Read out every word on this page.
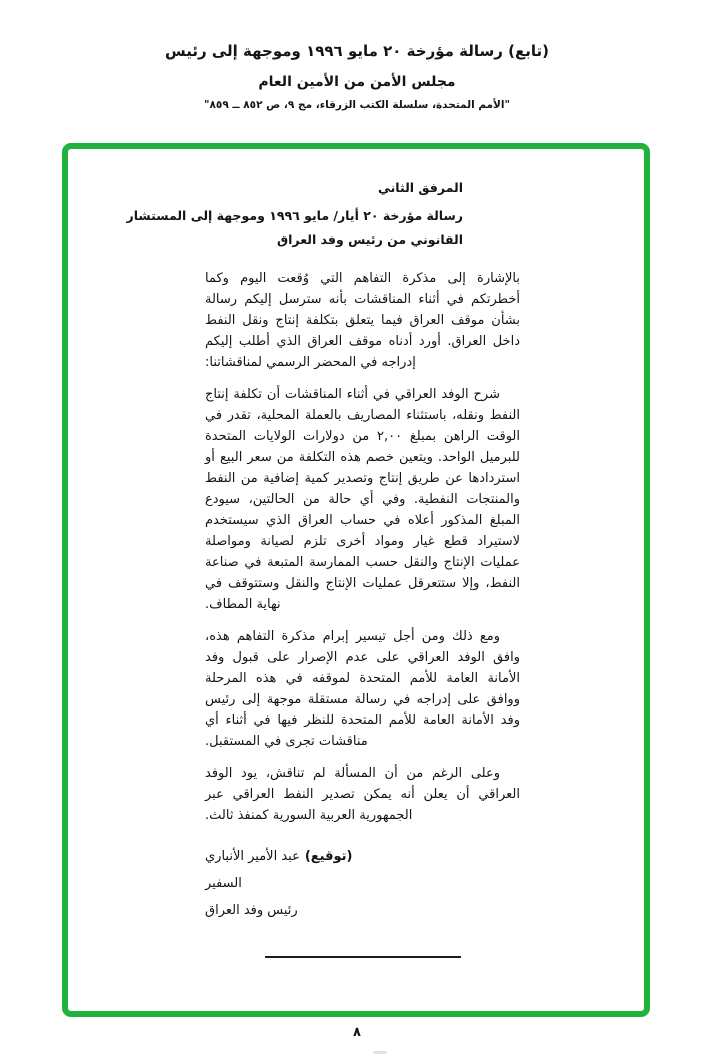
(تابع) رسالة مؤرخة ٢٠ مايو ١٩٩٦ وموجهة إلى رئيس
مجلس الأمن من الأمين العام
"الأمم المتحدة، سلسلة الكتب الزرقاء، مج ٩، ص ٨٥٢ ــ ٨٥٩"
المرفق الثاني
رسالة مؤرخة ٢٠ أيار/ مايو ١٩٩٦ وموجهة إلى المستشار
القانوني من رئيس وفد العراق

بالإشارة إلى مذكرة التفاهم التي وُقعت اليوم وكما أخطرتكم في أثناء المناقشات بأنه سترسل إليكم رسالة بشأن موقف العراق فيما يتعلق بتكلفة إنتاج ونقل النفط داخل العراق. أورد أدناه موقف العراق الذي أطلب إليكم إدراجه في المحضر الرسمي لمناقشاتنا:

شرح الوفد العراقي في أثناء المناقشات أن تكلفة إنتاج النفط ونقله، باستثناء المصاريف بالعملة المحلية، تقدر في الوقت الراهن بمبلغ ٢,٠٠ من دولارات الولايات المتحدة للبرميل الواحد. ويتعين خصم هذه التكلفة من سعر البيع أو استردادها عن طريق إنتاج وتصدير كمية إضافية من النفط والمنتجات النفطية. وفي أي حالة من الحالتين، سيودع المبلغ المذكور أعلاه في حساب العراق الذي سيستخدم لاستيراد قطع غيار ومواد أخرى تلزم لصيانة ومواصلة عمليات الإنتاج والنقل حسب الممارسة المتبعة في صناعة النفط، وإلا ستتعرقل عمليات الإنتاج والنقل وستتوقف في نهاية المطاف.

ومع ذلك ومن أجل تيسير إبرام مذكرة التفاهم هذه، وافق الوفد العراقي على عدم الإصرار على قبول وفد الأمانة العامة للأمم المتحدة لموقفه في هذه المرحلة ووافق على إدراجه في رسالة مستقلة موجهة إلى رئيس وفد الأمانة العامة للأمم المتحدة للنظر فيها في أثناء أي مناقشات تجرى في المستقبل.

وعلى الرغم من أن المسألة لم تناقش، يود الوفد العراقي أن يعلن أنه يمكن تصدير النفط العراقي عبر الجمهورية العربية السورية كمنفذ ثالث.

(توقيع)عبد الأمير الأنباري
السفير
رئيس وفد العراق
٨
